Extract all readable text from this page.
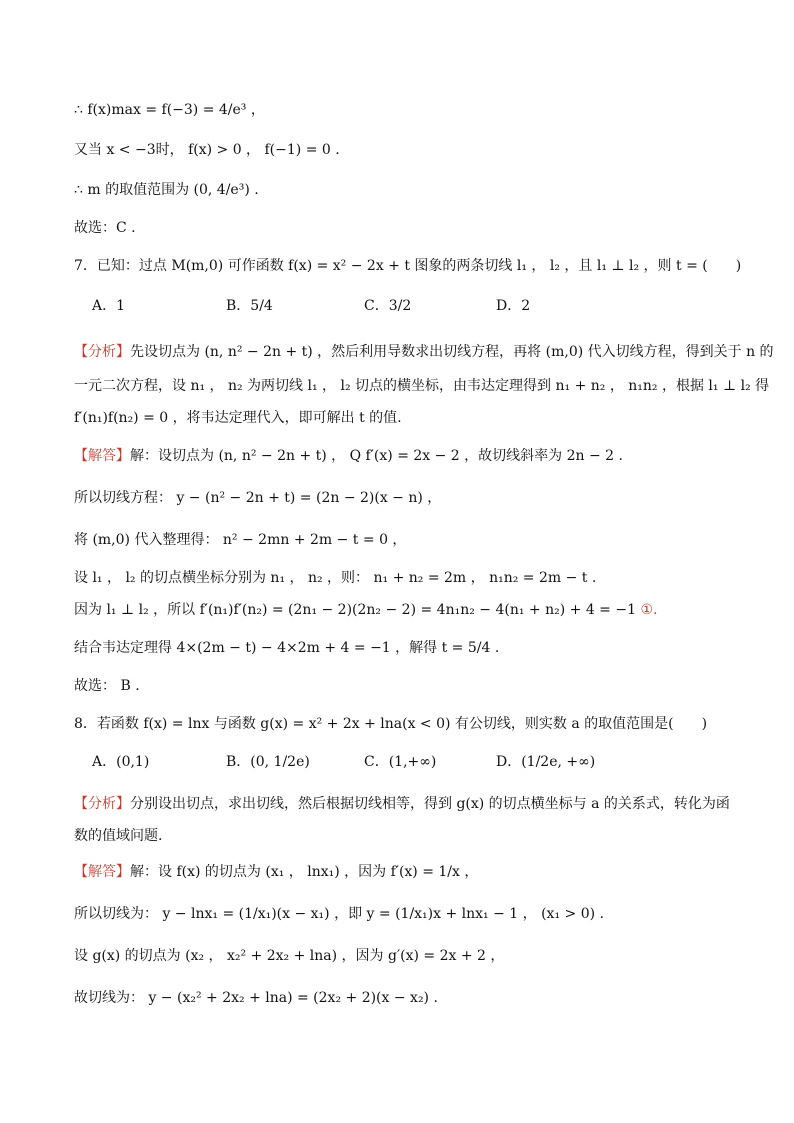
∴ f(x)max = f(−3) = 4/e³ ，
又当 x < −3时， f(x) > 0 ， f(−1) = 0 .
∴ m 的取值范围为 (0, 4/e³) .
故选：C .
7．已知：过点 M(m,0) 可作函数 f(x) = x² − 2x + t 图象的两条切线 l₁ ， l₂ ，且 l₁ ⊥ l₂ ，则 t = (　　)
A．1	B．5/4	C．3/2	D．2
【分析】先设切点为 (n, n² − 2n + t) ，然后利用导数求出切线方程，再将 (m,0) 代入切线方程，得到关于 n 的
一元二次方程，设 n₁ ， n₂ 为两切线 l₁ ， l₂ 切点的横坐标，由韦达定理得到 n₁ + n₂ ， n₁n₂ ，根据 l₁ ⊥ l₂ 得
f′(n₁)f(n₂) = 0 ，将韦达定理代入，即可解出 t 的值.
【解答】解：设切点为 (n, n² − 2n + t) ， Q f′(x) = 2x − 2 ，故切线斜率为 2n − 2 .
所以切线方程： y − (n² − 2n + t) = (2n − 2)(x − n) ，
将 (m,0) 代入整理得： n² − 2mn + 2m − t = 0 ，
设 l₁ ， l₂ 的切点横坐标分别为 n₁ ， n₂ ，则： n₁ + n₂ = 2m ， n₁n₂ = 2m − t .
因为 l₁ ⊥ l₂ ，所以 f′(n₁)f′(n₂) = (2n₁ − 2)(2n₂ − 2) = 4n₁n₂ − 4(n₁ + n₂) + 4 = −1 ①.
结合韦达定理得 4×(2m − t) − 4×2m + 4 = −1 ，解得 t = 5/4 .
故选： B .
8．若函数 f(x) = lnx 与函数 g(x) = x² + 2x + lna(x < 0) 有公切线，则实数 a 的取值范围是(　　)
A．(0,1)	B．(0, 1/2e)	C．(1,+∞)	D．(1/2e, +∞)
【分析】分别设出切点，求出切线，然后根据切线相等，得到 g(x) 的切点横坐标与 a 的关系式，转化为函
数的值域问题.
【解答】解：设 f(x) 的切点为 (x₁ ， lnx₁) ，因为 f′(x) = 1/x ，
所以切线为： y − lnx₁ = (1/x₁)(x − x₁) ，即 y = (1/x₁)x + lnx₁ − 1 ， (x₁ > 0) .
设 g(x) 的切点为 (x₂ ， x₂² + 2x₂ + lna) ，因为 g′(x) = 2x + 2 ，
故切线为： y − (x₂² + 2x₂ + lna) = (2x₂ + 2)(x − x₂) .
